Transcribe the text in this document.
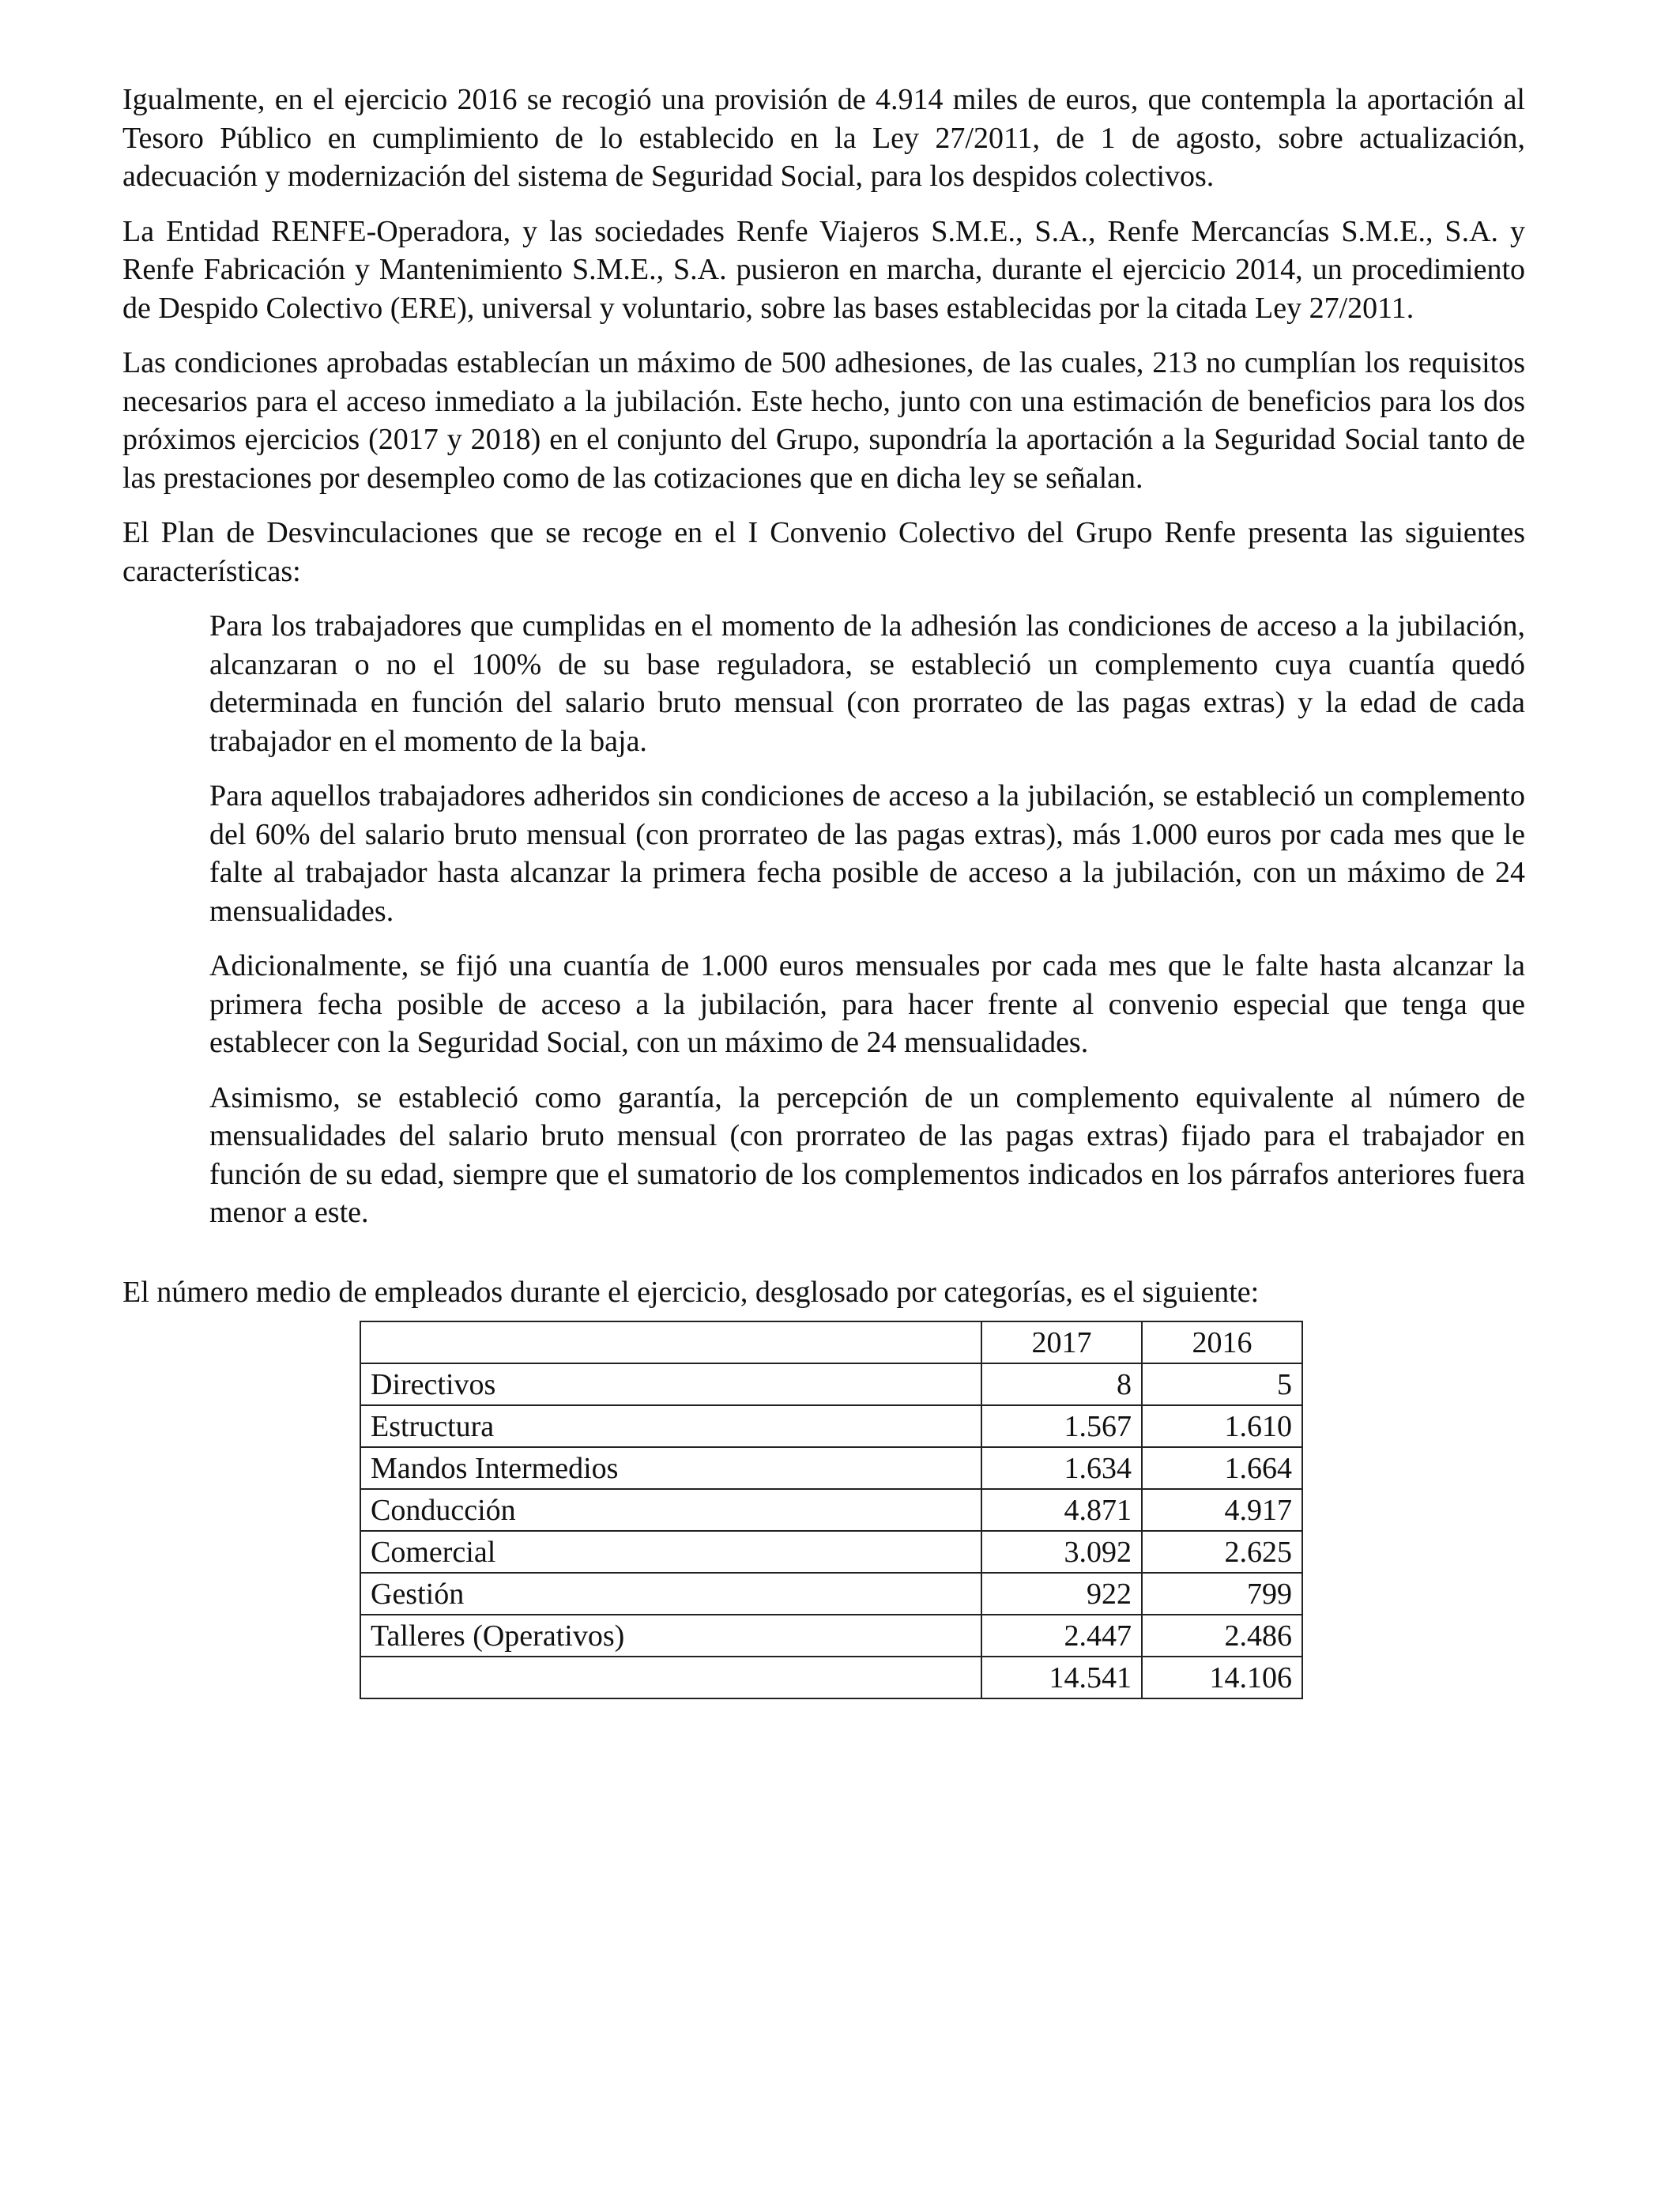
Igualmente, en el ejercicio 2016 se recogió una provisión de 4.914 miles de euros, que contempla la aportación al Tesoro Público en cumplimiento de lo establecido en la Ley 27/2011, de 1 de agosto, sobre actualización, adecuación y modernización del sistema de Seguridad Social, para los despidos colectivos.

La Entidad RENFE-Operadora, y las sociedades Renfe Viajeros S.M.E., S.A., Renfe Mercancías S.M.E., S.A. y Renfe Fabricación y Mantenimiento S.M.E., S.A. pusieron en marcha, durante el ejercicio 2014, un procedimiento de Despido Colectivo (ERE), universal y voluntario, sobre las bases establecidas por la citada Ley 27/2011.

Las condiciones aprobadas establecían un máximo de 500 adhesiones, de las cuales, 213 no cumplían los requisitos necesarios para el acceso inmediato a la jubilación. Este hecho, junto con una estimación de beneficios para los dos próximos ejercicios (2017 y 2018) en el conjunto del Grupo, supondría la aportación a la Seguridad Social tanto de las prestaciones por desempleo como de las cotizaciones que en dicha ley se señalan.

El Plan de Desvinculaciones que se recoge en el I Convenio Colectivo del Grupo Renfe presenta las siguientes características:

Para los trabajadores que cumplidas en el momento de la adhesión las condiciones de acceso a la jubilación, alcanzaran o no el 100% de su base reguladora, se estableció un complemento cuya cuantía quedó determinada en función del salario bruto mensual (con prorrateo de las pagas extras) y la edad de cada trabajador en el momento de la baja.

Para aquellos trabajadores adheridos sin condiciones de acceso a la jubilación, se estableció un complemento del 60% del salario bruto mensual (con prorrateo de las pagas extras), más 1.000 euros por cada mes que le falte al trabajador hasta alcanzar la primera fecha posible de acceso a la jubilación, con un máximo de 24 mensualidades.

Adicionalmente, se fijó una cuantía de 1.000 euros mensuales por cada mes que le falte hasta alcanzar la primera fecha posible de acceso a la jubilación, para hacer frente al convenio especial que tenga que establecer con la Seguridad Social, con un máximo de 24 mensualidades.

Asimismo, se estableció como garantía, la percepción de un complemento equivalente al número de mensualidades del salario bruto mensual (con prorrateo de las pagas extras) fijado para el trabajador en función de su edad, siempre que el sumatorio de los complementos indicados en los párrafos anteriores fuera menor a este.

El número medio de empleados durante el ejercicio, desglosado por categorías, es el siguiente:

	2017	2016
Directivos	8	5
Estructura	1.567	1.610
Mandos Intermedios	1.634	1.664
Conducción	4.871	4.917
Comercial	3.092	2.625
Gestión	922	799
Talleres (Operativos)	2.447	2.486
	14.541	14.106
